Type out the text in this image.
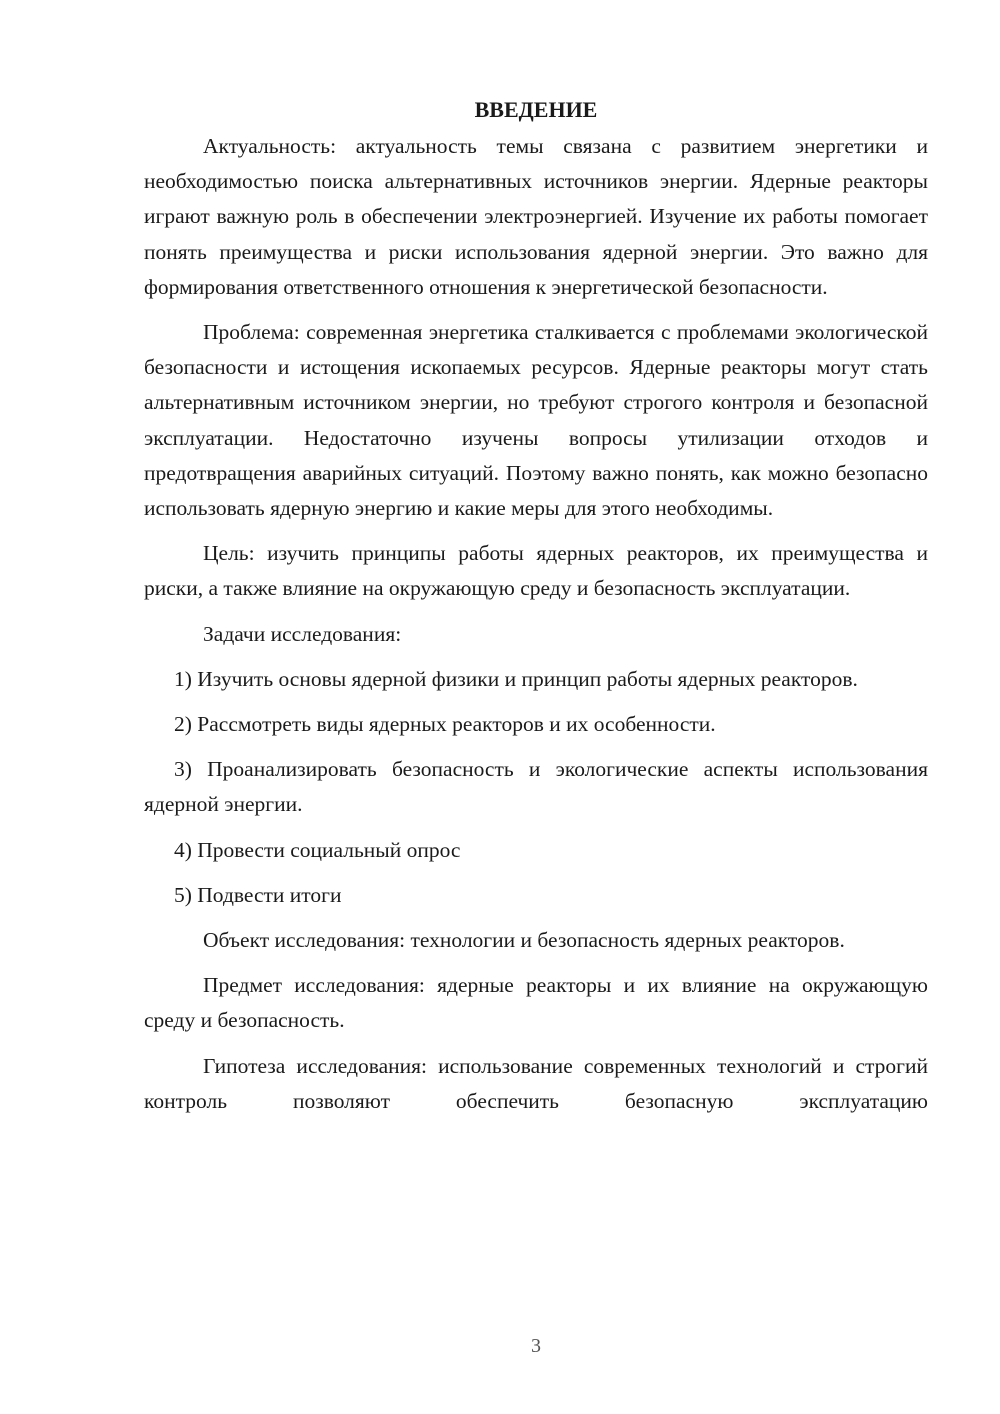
ВВЕДЕНИЕ

Актуальность: актуальность темы связана с развитием энергетики и необходимостью поиска альтернативных источников энергии. Ядерные реакторы играют важную роль в обеспечении электроэнергией. Изучение их работы помогает понять преимущества и риски использования ядерной энергии. Это важно для формирования ответственного отношения к энергетической безопасности.

Проблема: современная энергетика сталкивается с проблемами экологической безопасности и истощения ископаемых ресурсов. Ядерные реакторы могут стать альтернативным источником энергии, но требуют строгого контроля и безопасной эксплуатации. Недостаточно изучены вопросы утилизации отходов и предотвращения аварийных ситуаций. Поэтому важно понять, как можно безопасно использовать ядерную энергию и какие меры для этого необходимы.

Цель: изучить принципы работы ядерных реакторов, их преимущества и риски, а также влияние на окружающую среду и безопасность эксплуатации.

Задачи исследования:

1) Изучить основы ядерной физики и принцип работы ядерных реакторов.

2) Рассмотреть виды ядерных реакторов и их особенности.

3) Проанализировать безопасность и экологические аспекты использования ядерной энергии.

4) Провести социальный опрос

5) Подвести итоги

Объект исследования: технологии и безопасность ядерных реакторов.

Предмет исследования: ядерные реакторы и их влияние на окружающую среду и безопасность.

Гипотеза исследования: использование современных технологий и строгий контроль позволяют обеспечить безопасную эксплуатацию

3
